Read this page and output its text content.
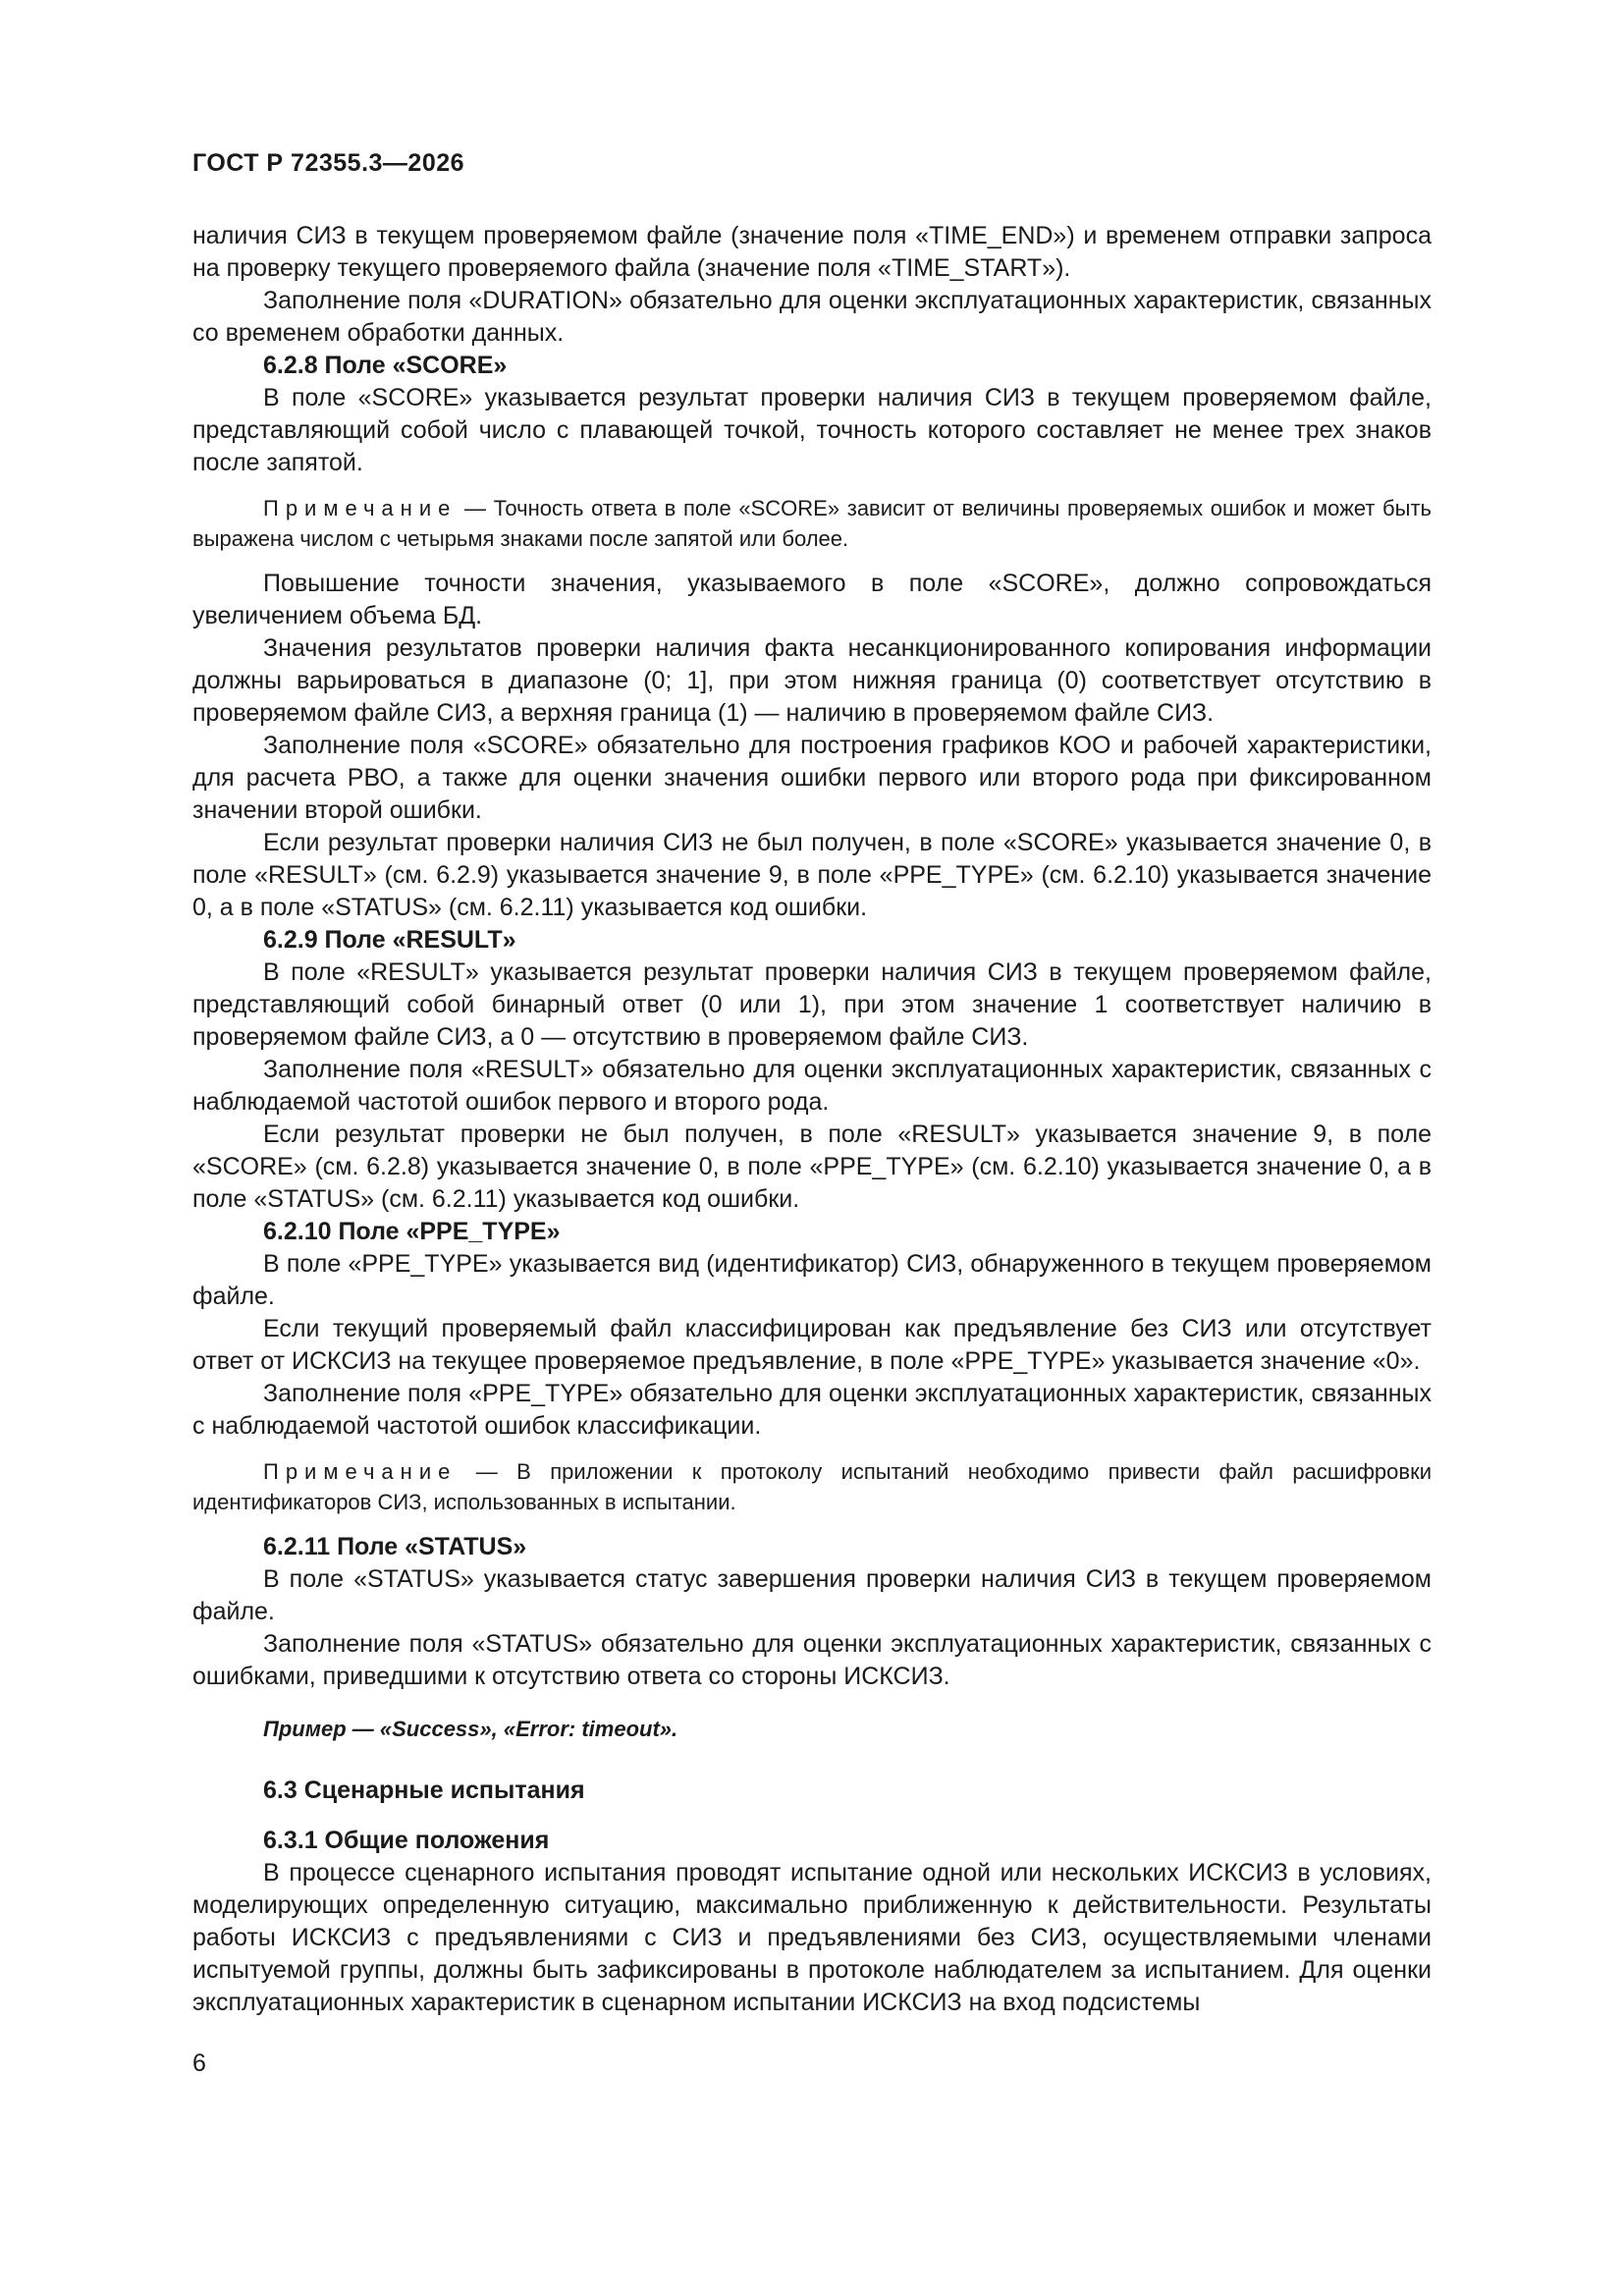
ГОСТ Р 72355.3—2026

наличия СИЗ в текущем проверяемом файле (значение поля «TIME_END») и временем отправки запроса на проверку текущего проверяемого файла (значение поля «TIME_START»).

Заполнение поля «DURATION» обязательно для оценки эксплуатационных характеристик, связанных со временем обработки данных.

6.2.8 Поле «SCORE»

В поле «SCORE» указывается результат проверки наличия СИЗ в текущем проверяемом файле, представляющий собой число с плавающей точкой, точность которого составляет не менее трех знаков после запятой.

Примечание — Точность ответа в поле «SCORE» зависит от величины проверяемых ошибок и может быть выражена числом с четырьмя знаками после запятой или более.

Повышение точности значения, указываемого в поле «SCORE», должно сопровождаться увеличением объема БД.

Значения результатов проверки наличия факта несанкционированного копирования информации должны варьироваться в диапазоне (0; 1], при этом нижняя граница (0) соответствует отсутствию в проверяемом файле СИЗ, а верхняя граница (1) — наличию в проверяемом файле СИЗ.

Заполнение поля «SCORE» обязательно для построения графиков КОО и рабочей характеристики, для расчета РВО, а также для оценки значения ошибки первого или второго рода при фиксированном значении второй ошибки.

Если результат проверки наличия СИЗ не был получен, в поле «SCORE» указывается значение 0, в поле «RESULT» (см. 6.2.9) указывается значение 9, в поле «PPE_TYPE» (см. 6.2.10) указывается значение 0, а в поле «STATUS» (см. 6.2.11) указывается код ошибки.

6.2.9 Поле «RESULT»

В поле «RESULT» указывается результат проверки наличия СИЗ в текущем проверяемом файле, представляющий собой бинарный ответ (0 или 1), при этом значение 1 соответствует наличию в проверяемом файле СИЗ, а 0 — отсутствию в проверяемом файле СИЗ.

Заполнение поля «RESULT» обязательно для оценки эксплуатационных характеристик, связанных с наблюдаемой частотой ошибок первого и второго рода.

Если результат проверки не был получен, в поле «RESULT» указывается значение 9, в поле «SCORE» (см. 6.2.8) указывается значение 0, в поле «PPE_TYPE» (см. 6.2.10) указывается значение 0, а в поле «STATUS» (см. 6.2.11) указывается код ошибки.

6.2.10 Поле «PPE_TYPE»

В поле «PPE_TYPE» указывается вид (идентификатор) СИЗ, обнаруженного в текущем проверяемом файле.

Если текущий проверяемый файл классифицирован как предъявление без СИЗ или отсутствует ответ от ИСКСИЗ на текущее проверяемое предъявление, в поле «PPE_TYPE» указывается значение «0».

Заполнение поля «PPE_TYPE» обязательно для оценки эксплуатационных характеристик, связанных с наблюдаемой частотой ошибок классификации.

Примечание — В приложении к протоколу испытаний необходимо привести файл расшифровки идентификаторов СИЗ, использованных в испытании.

6.2.11 Поле «STATUS»

В поле «STATUS» указывается статус завершения проверки наличия СИЗ в текущем проверяемом файле.

Заполнение поля «STATUS» обязательно для оценки эксплуатационных характеристик, связанных с ошибками, приведшими к отсутствию ответа со стороны ИСКСИЗ.

Пример — «Success», «Error: timeout».

6.3 Сценарные испытания

6.3.1 Общие положения

В процессе сценарного испытания проводят испытание одной или нескольких ИСКСИЗ в условиях, моделирующих определенную ситуацию, максимально приближенную к действительности. Результаты работы ИСКСИЗ с предъявлениями с СИЗ и предъявлениями без СИЗ, осуществляемыми членами испытуемой группы, должны быть зафиксированы в протоколе наблюдателем за испытанием. Для оценки эксплуатационных характеристик в сценарном испытании ИСКСИЗ на вход подсистемы

6
